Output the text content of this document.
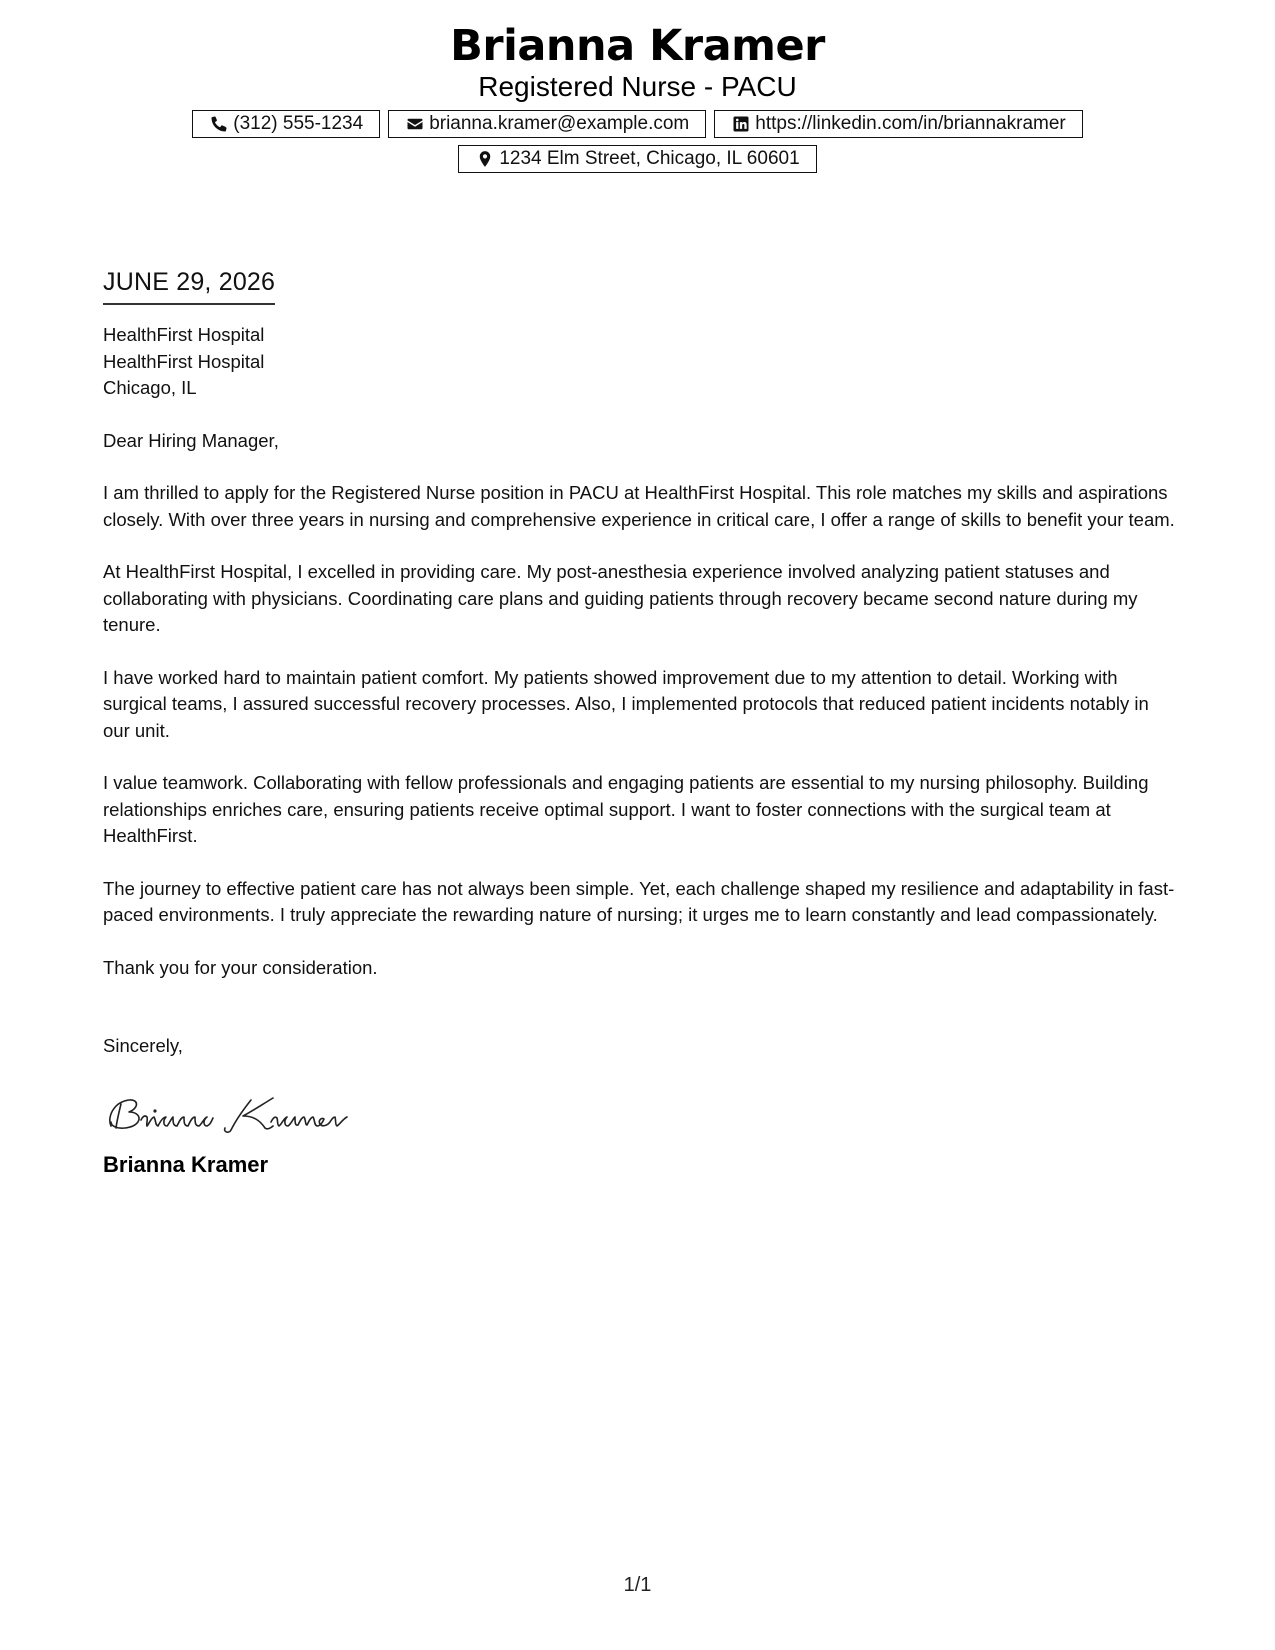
Brianna Kramer
Registered Nurse - PACU
(312) 555-1234	brianna.kramer@example.com	https://linkedin.com/in/briannakramer
1234 Elm Street, Chicago, IL 60601
JUNE 29, 2026
HealthFirst Hospital
HealthFirst Hospital
Chicago, IL
Dear Hiring Manager,
I am thrilled to apply for the Registered Nurse position in PACU at HealthFirst Hospital. This role matches my skills and aspirations closely. With over three years in nursing and comprehensive experience in critical care, I offer a range of skills to benefit your team.
At HealthFirst Hospital, I excelled in providing care. My post-anesthesia experience involved analyzing patient statuses and collaborating with physicians. Coordinating care plans and guiding patients through recovery became second nature during my tenure.
I have worked hard to maintain patient comfort. My patients showed improvement due to my attention to detail. Working with surgical teams, I assured successful recovery processes. Also, I implemented protocols that reduced patient incidents notably in our unit.
I value teamwork. Collaborating with fellow professionals and engaging patients are essential to my nursing philosophy. Building relationships enriches care, ensuring patients receive optimal support. I want to foster connections with the surgical team at HealthFirst.
The journey to effective patient care has not always been simple. Yet, each challenge shaped my resilience and adaptability in fast-paced environments. I truly appreciate the rewarding nature of nursing; it urges me to learn constantly and lead compassionately.
Thank you for your consideration.
Sincerely,
Brianna Kramer
1/1
